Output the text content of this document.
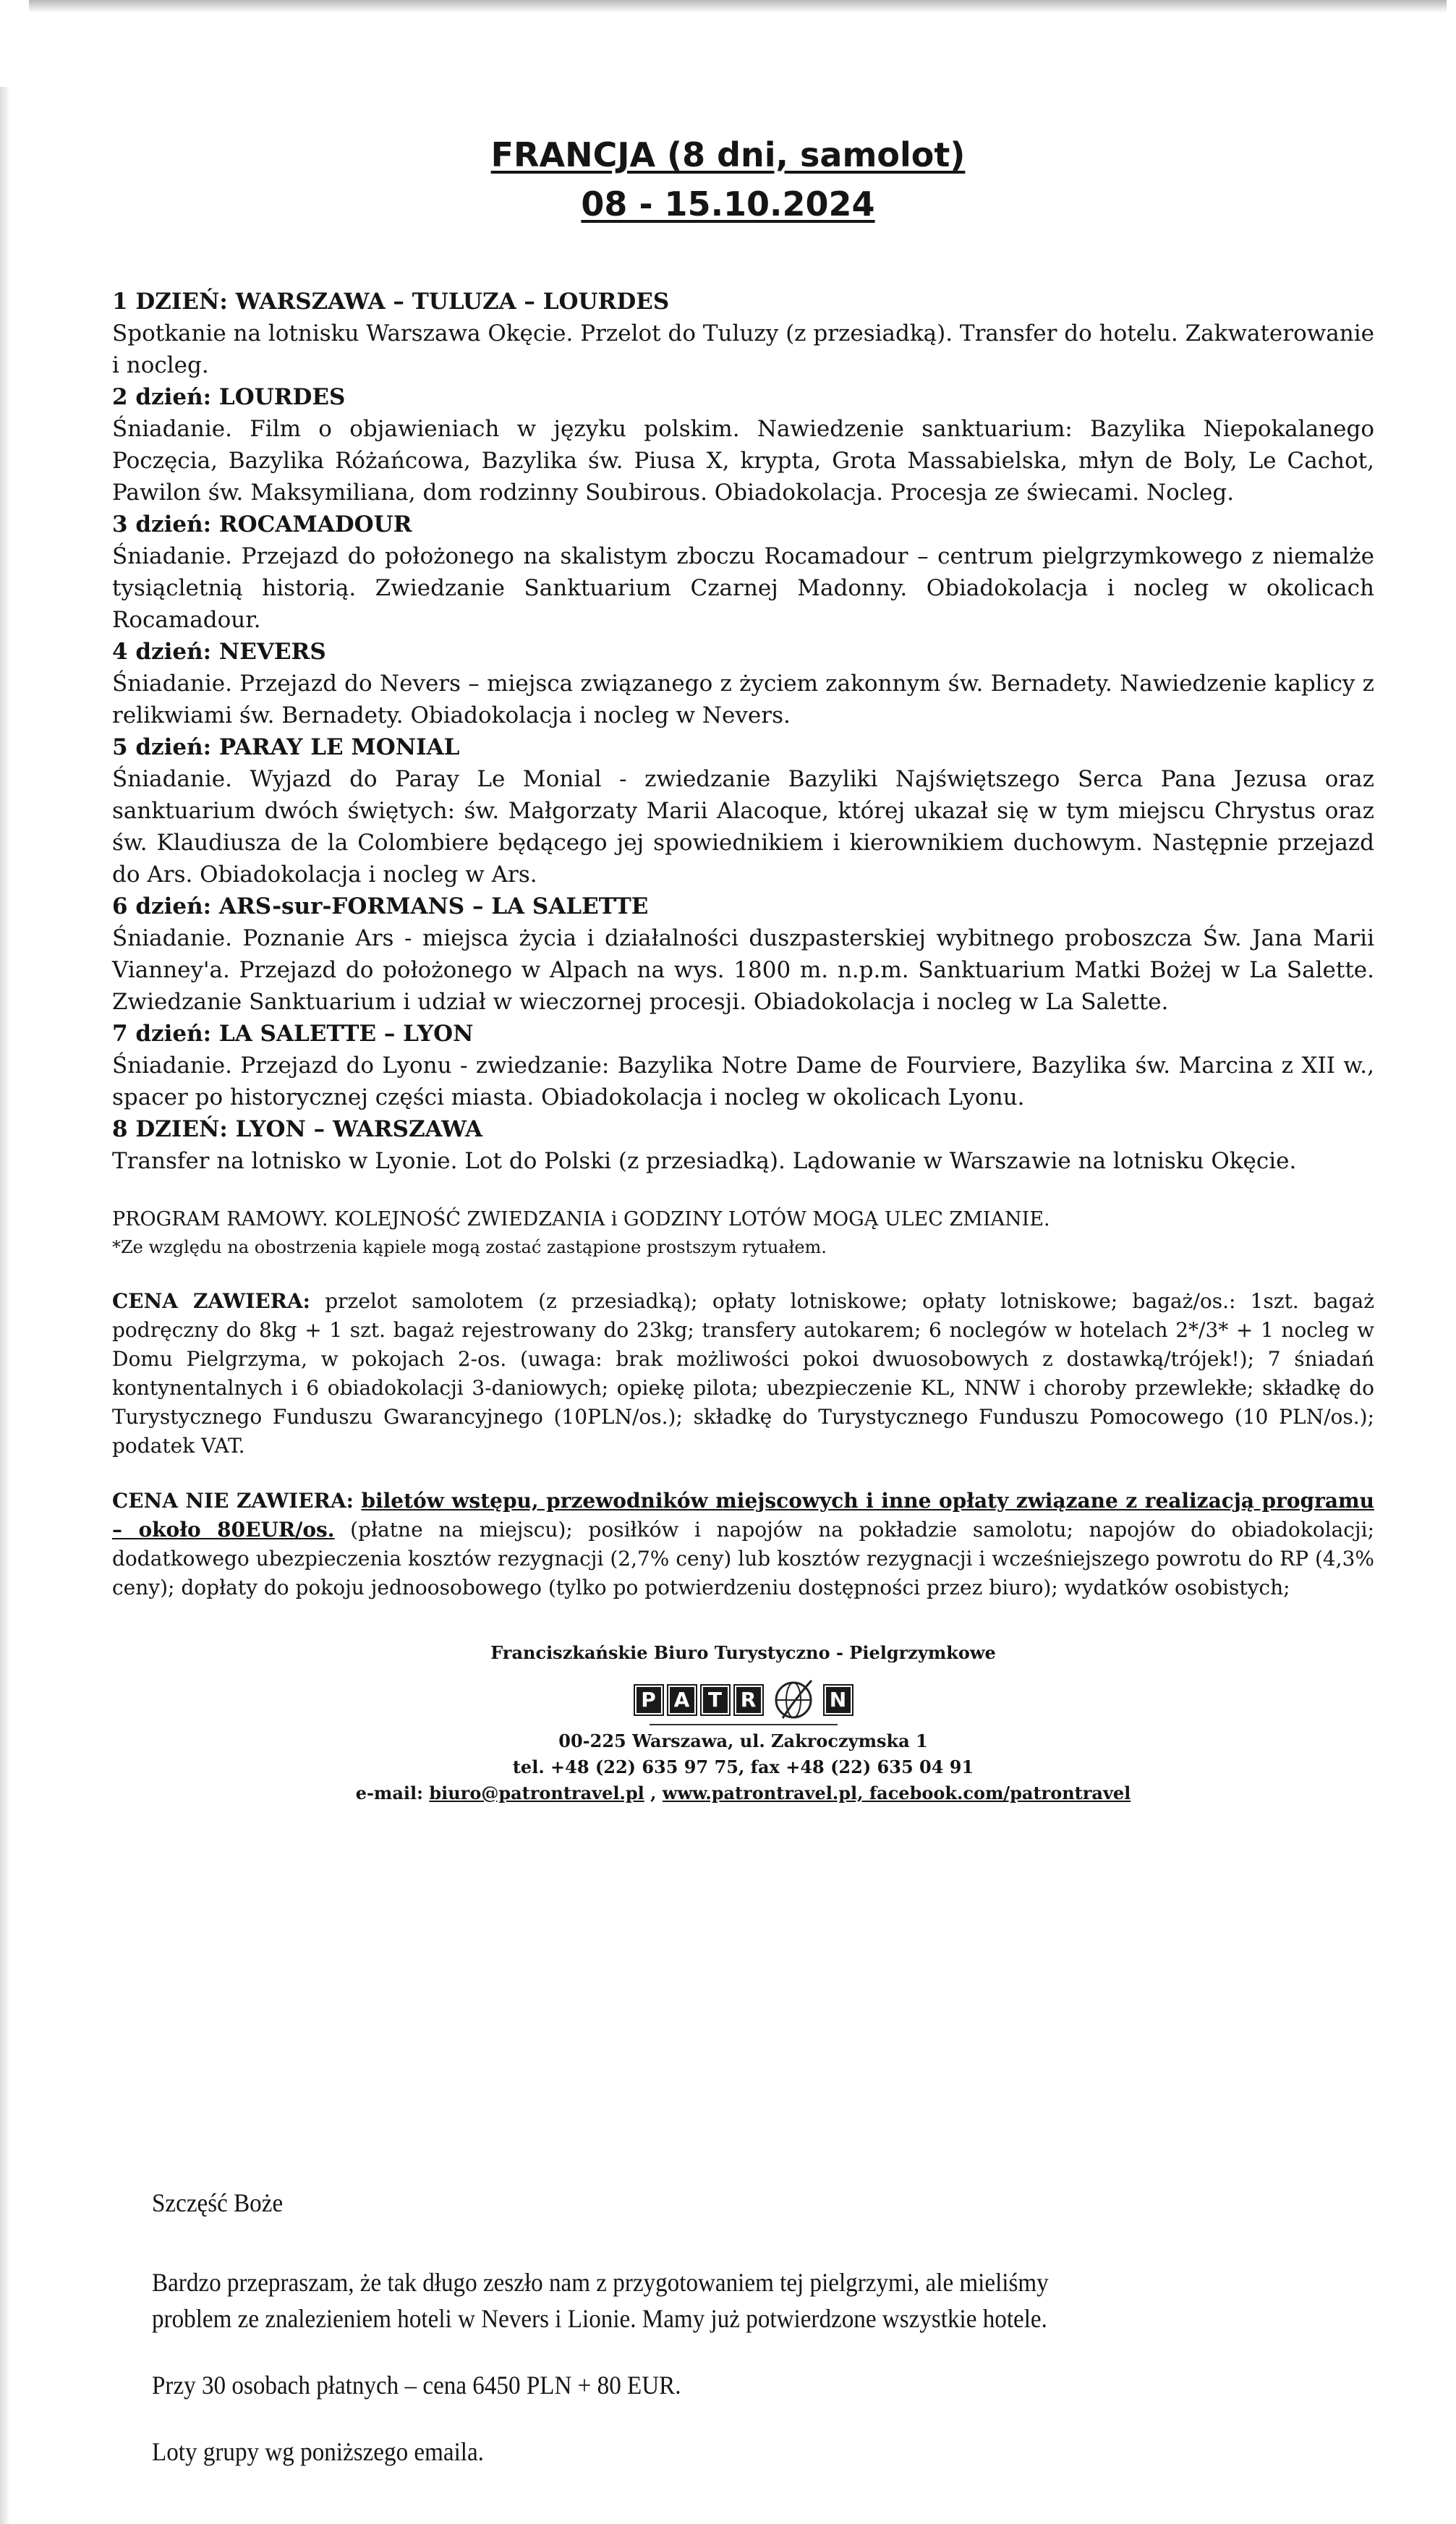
FRANCJA (8 dni, samolot)
08 - 15.10.2024
1 DZIEŃ: WARSZAWA – TULUZA – LOURDES
Spotkanie na lotnisku Warszawa Okęcie. Przelot do Tuluzy (z przesiadką). Transfer do hotelu. Zakwaterowanie i nocleg.
2 dzień: LOURDES
Śniadanie. Film o objawieniach w języku polskim. Nawiedzenie sanktuarium: Bazylika Niepokalanego Poczęcia, Bazylika Różańcowa, Bazylika św. Piusa X, krypta, Grota Massabielska, młyn de Boly, Le Cachot, Pawilon św. Maksymiliana, dom rodzinny Soubirous. Obiadokolacja. Procesja ze świecami. Nocleg.
3 dzień: ROCAMADOUR
Śniadanie. Przejazd do położonego na skalistym zboczu Rocamadour – centrum pielgrzymkowego z niemalże tysiącletnią historią. Zwiedzanie Sanktuarium Czarnej Madonny. Obiadokolacja i nocleg w okolicach Rocamadour.
4 dzień: NEVERS
Śniadanie. Przejazd do Nevers – miejsca związanego z życiem zakonnym św. Bernadety. Nawiedzenie kaplicy z relikwiami św. Bernadety. Obiadokolacja i nocleg w Nevers.
5 dzień: PARAY LE MONIAL
Śniadanie. Wyjazd do Paray Le Monial - zwiedzanie Bazyliki Najświętszego Serca Pana Jezusa oraz sanktuarium dwóch świętych: św. Małgorzaty Marii Alacoque, której ukazał się w tym miejscu Chrystus oraz św. Klaudiusza de la Colombiere będącego jej spowiednikiem i kierownikiem duchowym. Następnie przejazd do Ars. Obiadokolacja i nocleg w Ars.
6 dzień: ARS-sur-FORMANS – LA SALETTE
Śniadanie. Poznanie Ars - miejsca życia i działalności duszpasterskiej wybitnego proboszcza Św. Jana Marii Vianney'a. Przejazd do położonego w Alpach na wys. 1800 m. n.p.m. Sanktuarium Matki Bożej w La Salette. Zwiedzanie Sanktuarium i udział w wieczornej procesji. Obiadokolacja i nocleg w La Salette.
7 dzień: LA SALETTE – LYON
Śniadanie. Przejazd do Lyonu - zwiedzanie: Bazylika Notre Dame de Fourviere, Bazylika św. Marcina z XII w., spacer po historycznej części miasta. Obiadokolacja i nocleg w okolicach Lyonu.
8 DZIEŃ: LYON – WARSZAWA
Transfer na lotnisko w Lyonie. Lot do Polski (z przesiadką). Lądowanie w Warszawie na lotnisku Okęcie.
PROGRAM RAMOWY. KOLEJNOŚĆ ZWIEDZANIA i GODZINY LOTÓW MOGĄ ULEC ZMIANIE.
*Ze względu na obostrzenia kąpiele mogą zostać zastąpione prostszym rytuałem.
CENA ZAWIERA: przelot samolotem (z przesiadką); opłaty lotniskowe; opłaty lotniskowe; bagaż/os.: 1szt. bagaż podręczny do 8kg + 1 szt. bagaż rejestrowany do 23kg; transfery autokarem; 6 noclegów w hotelach 2*/3* + 1 nocleg w Domu Pielgrzyma, w pokojach 2-os. (uwaga: brak możliwości pokoi dwuosobowych z dostawką/trójek!); 7 śniadań kontynentalnych i 6 obiadokolacji 3-daniowych; opiekę pilota; ubezpieczenie KL, NNW i choroby przewlekłe; składkę do Turystycznego Funduszu Gwarancyjnego (10PLN/os.); składkę do Turystycznego Funduszu Pomocowego (10 PLN/os.); podatek VAT.
CENA NIE ZAWIERA: biletów wstępu, przewodników miejscowych i inne opłaty związane z realizacją programu – około 80EUR/os. (płatne na miejscu); posiłków i napojów na pokładzie samolotu; napojów do obiadokolacji; dodatkowego ubezpieczenia kosztów rezygnacji (2,7% ceny) lub kosztów rezygnacji i wcześniejszego powrotu do RP (4,3% ceny); dopłaty do pokoju jednoosobowego (tylko po potwierdzeniu dostępności przez biuro); wydatków osobistych;
Franciszkańskie Biuro Turystyczno - Pielgrzymkowe
P A T R	N
00-225 Warszawa, ul. Zakroczymska 1
tel. +48 (22) 635 97 75, fax +48 (22) 635 04 91
e-mail: biuro@patrontravel.pl , www.patrontravel.pl, facebook.com/patrontravel

Szczęść Boże

Bardzo przepraszam, że tak długo zeszło nam z przygotowaniem tej pielgrzymi, ale mieliśmy

problem ze znalezieniem hoteli w Nevers i Lionie. Mamy już potwierdzone wszystkie hotele.

Przy 30 osobach płatnych – cena 6450 PLN + 80 EUR.

Loty grupy wg poniższego emaila.
